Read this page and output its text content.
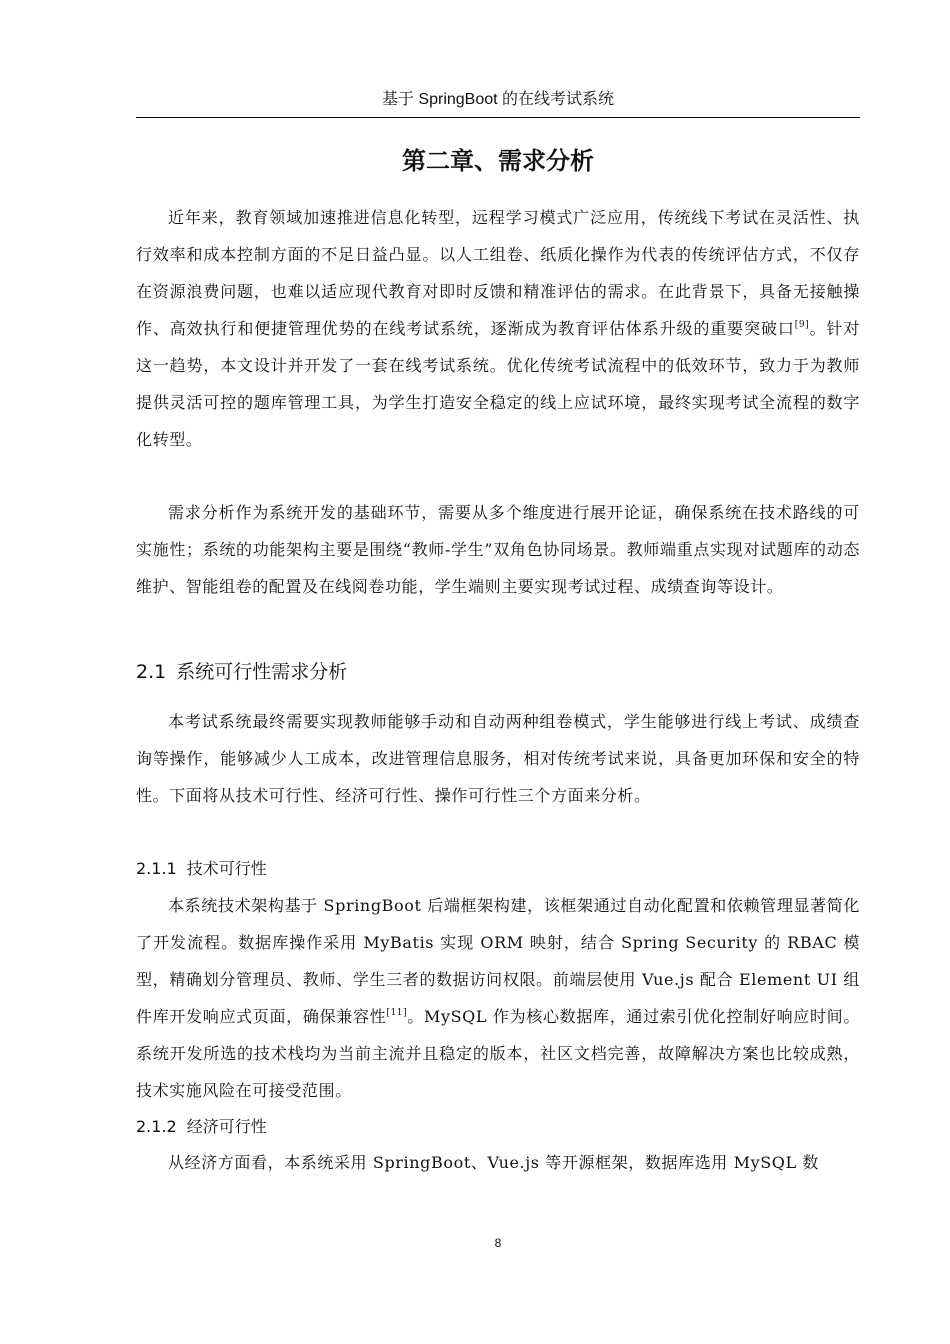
基于 SpringBoot 的在线考试系统
第二章、需求分析
近年来，教育领域加速推进信息化转型，远程学习模式广泛应用，传统线下考试在灵活性、执行效率和成本控制方面的不足日益凸显。以人工组卷、纸质化操作为代表的传统评估方式，不仅存在资源浪费问题，也难以适应现代教育对即时反馈和精准评估的需求。在此背景下，具备无接触操作、高效执行和便捷管理优势的在线考试系统，逐渐成为教育评估体系升级的重要突破口[9]。针对这一趋势，本文设计并开发了一套在线考试系统。优化传统考试流程中的低效环节，致力于为教师提供灵活可控的题库管理工具，为学生打造安全稳定的线上应试环境，最终实现考试全流程的数字化转型。
需求分析作为系统开发的基础环节，需要从多个维度进行展开论证，确保系统在技术路线的可实施性；系统的功能架构主要是围绕“教师-学生”双角色协同场景。教师端重点实现对试题库的动态维护、智能组卷的配置及在线阅卷功能，学生端则主要实现考试过程、成绩查询等设计。
2.1 系统可行性需求分析
本考试系统最终需要实现教师能够手动和自动两种组卷模式，学生能够进行线上考试、成绩查询等操作，能够减少人工成本，改进管理信息服务，相对传统考试来说，具备更加环保和安全的特性。下面将从技术可行性、经济可行性、操作可行性三个方面来分析。
2.1.1 技术可行性
本系统技术架构基于 SpringBoot 后端框架构建，该框架通过自动化配置和依赖管理显著简化了开发流程。数据库操作采用 MyBatis 实现 ORM 映射，结合 Spring Security 的 RBAC 模型，精确划分管理员、教师、学生三者的数据访问权限。前端层使用 Vue.js 配合 Element UI 组件库开发响应式页面，确保兼容性[11]。MySQL 作为核心数据库，通过索引优化控制好响应时间。系统开发所选的技术栈均为当前主流并且稳定的版本，社区文档完善，故障解决方案也比较成熟，技术实施风险在可接受范围。
2.1.2 经济可行性
从经济方面看，本系统采用 SpringBoot、Vue.js 等开源框架，数据库选用 MySQL 数
8
